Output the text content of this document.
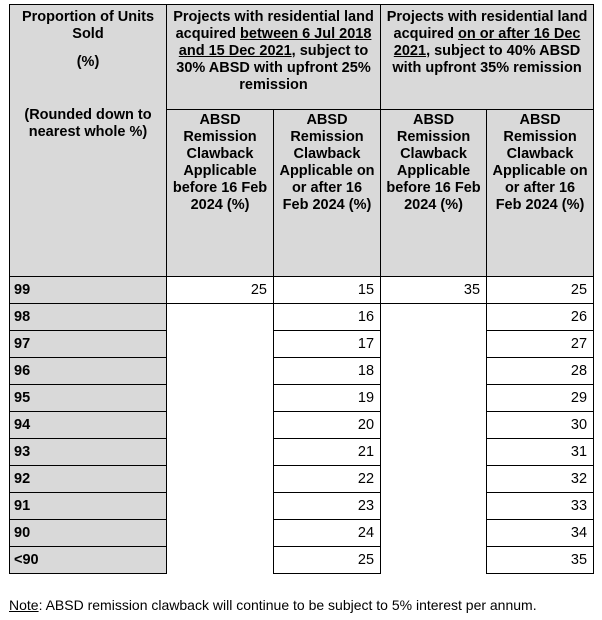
Proportion of Units Sold
(%)
(Rounded down to nearest whole %)	Projects with residential land acquired between 6 Jul 2018 and 15 Dec 2021, subject to 30% ABSD with upfront 25% remission		Projects with residential land acquired on or after 16 Dec 2021, subject to 40% ABSD with upfront 35% remission	
	ABSD Remission Clawback Applicable before 16 Feb 2024 (%)	ABSD Remission Clawback Applicable on or after 16 Feb 2024 (%)	ABSD Remission Clawback Applicable before 16 Feb 2024 (%)	ABSD Remission Clawback Applicable on or after 16 Feb 2024 (%)
99	25	15	35	25
98		16		26
97		17		27
96		18		28
95		19		29
94		20		30
93		21		31
92		22		32
91		23		33
90		24		34
<90		25		35
Note: ABSD remission clawback will continue to be subject to 5% interest per annum.
